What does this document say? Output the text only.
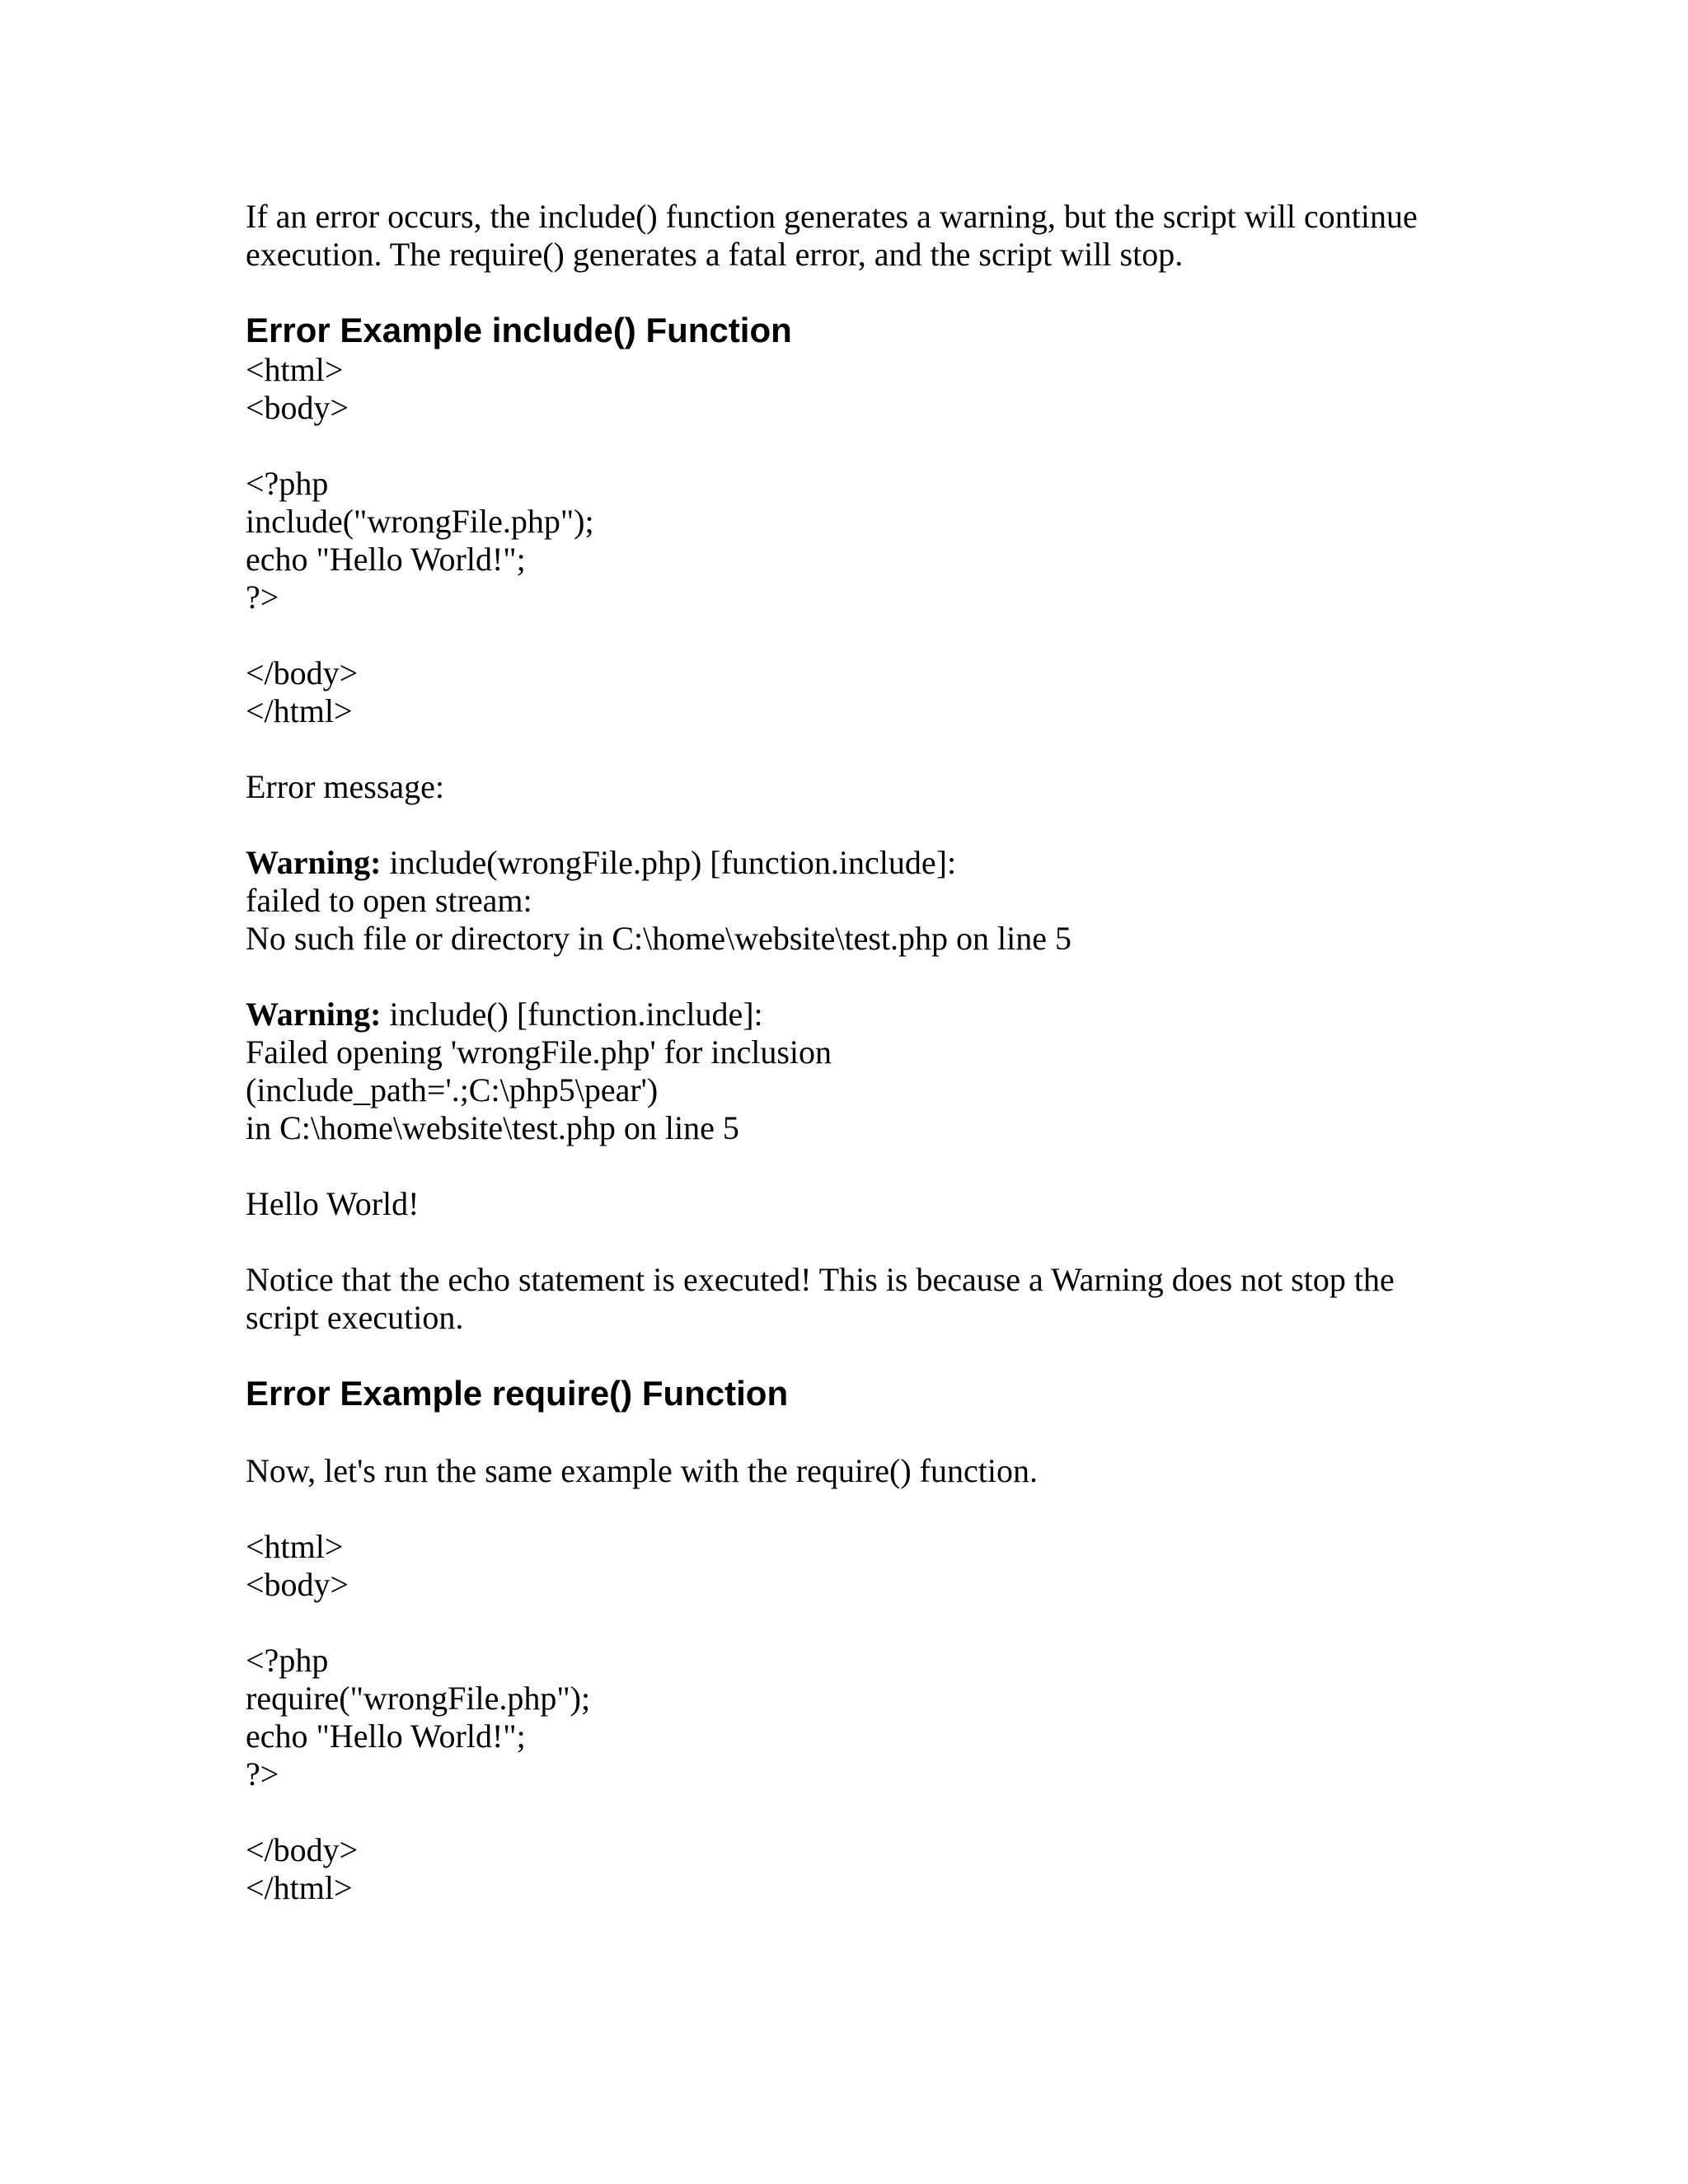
If an error occurs, the include() function generates a warning, but the script will continue
execution. The require() generates a fatal error, and the script will stop.

Error Example include() Function
<html>
<body>
<?php
include("wrongFile.php");
echo "Hello World!";
?>
</body>
</html>

Error message:

Warning: include(wrongFile.php) [function.include]:
failed to open stream:
No such file or directory in C:\home\website\test.php on line 5
Warning: include() [function.include]:
Failed opening 'wrongFile.php' for inclusion
(include_path='.;C:\php5\pear')
in C:\home\website\test.php on line 5

Hello World!

Notice that the echo statement is executed! This is because a Warning does not stop the
script execution.

Error Example require() Function

Now, let's run the same example with the require() function.

<html>
<body>
<?php
require("wrongFile.php");
echo "Hello World!";
?>
</body>
</html>
